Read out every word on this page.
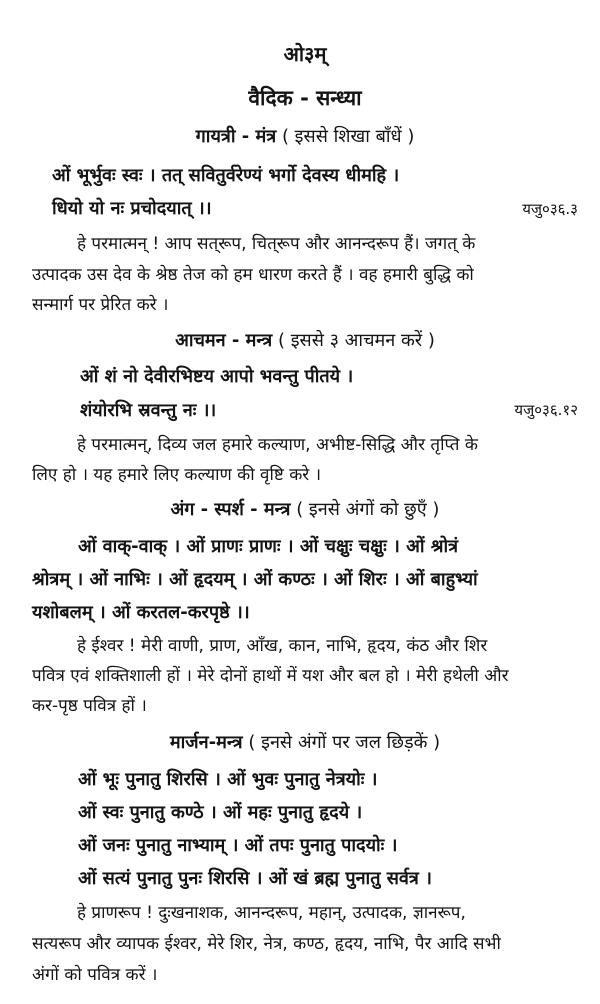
ओ३म्
वैदिक - सन्ध्या
गायत्री - मंत्र ( इससे शिखा बाँधें )
ओं भूर्भुवः स्वः । तत् सवितुर्वरेण्यं भर्गो देवस्य धीमहि ।
धियो यो नः प्रचोदयात् ।।	यजु०३६.३
हे परमात्मन् ! आप सत्‌रूप, चित्‌रूप और आनन्दरूप हैं। जगत् के
उत्पादक उस देव के श्रेष्ठ तेज को हम धारण करते हैं । वह हमारी बुद्धि को
सन्मार्ग पर प्रेरित करे ।
आचमन - मन्त्र ( इससे ३ आचमन करें )
ओं शं नो देवीरभिष्टय आपो भवन्तु पीतये ।
शंयोरभि स्रवन्तु नः ।।	यजु०३६.१२
हे परमात्मन्, दिव्य जल हमारे कल्याण, अभीष्ट-सिद्धि और तृप्ति के
लिए हो । यह हमारे लिए कल्याण की वृष्टि करे ।
अंग - स्पर्श - मन्त्र ( इनसे अंगों को छुएँ )
ओं वाक्-वाक् । ओं प्राणः प्राणः । ओं चक्षुः चक्षुः । ओं श्रोत्रं
श्रोत्रम् । ओं नाभिः । ओं हृदयम् । ओं कण्ठः । ओं शिरः । ओं बाहुभ्यां
यशोबलम् । ओं करतल-करपृष्ठे ।।
हे ईश्वर ! मेरी वाणी, प्राण, आँख, कान, नाभि, हृदय, कंठ और शिर
पवित्र एवं शक्तिशाली हों । मेरे दोनों हाथों में यश और बल हो । मेरी हथेली और
कर-पृष्ठ पवित्र हों ।
मार्जन-मन्त्र ( इनसे अंगों पर जल छिड़कें )
ओं भूः पुनातु शिरसि । ओं भुवः पुनातु नेत्रयोः ।
ओं स्वः पुनातु कण्ठे । ओं महः पुनातु हृदये ।
ओं जनः पुनातु नाभ्याम् । ओं तपः पुनातु पादयोः ।
ओं सत्यं पुनातु पुनः शिरसि । ओं खं ब्रह्म पुनातु सर्वत्र ।
हे प्राणरूप ! दुःखनाशक, आनन्दरूप, महान्, उत्पादक, ज्ञानरूप,
सत्यरूप और व्यापक ईश्वर, मेरे शिर, नेत्र, कण्ठ, हृदय, नाभि, पैर आदि सभी
अंगों को पवित्र करें ।
